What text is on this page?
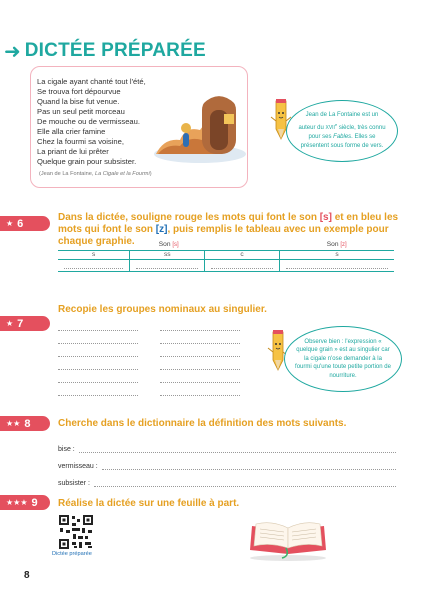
➜ DICTÉE PRÉPARÉE
La cigale ayant chanté tout l'été,
Se trouva fort dépourvue
Quand la bise fut venue.
Pas un seul petit morceau
De mouche ou de vermisseau.
Elle alla crier famine
Chez la fourmi sa voisine,
La priant de lui prêter
Quelque grain pour subsister.
(Jean de La Fontaine, La Cigale et la Fourmi)
Jean de La Fontaine est un auteur du XVIIe siècle, très connu pour ses Fables. Elles se présentent sous forme de vers.
★ 6	Dans la dictée, souligne rouge les mots qui font le son [s] et en bleu les mots qui font le son [z], puis remplis le tableau avec un exemple pour chaque graphie.	Son [s]			Son [z]
s	ss	c	s

★ 7
Recopie les groupes nominaux au singulier.
Observe bien : l'expression « quelque grain » est au singulier car la cigale n'ose demander à la fourmi qu'une toute petite portion de nourriture.
★★ 8	Cherche dans le dictionnaire la définition des mots suivants.
bise :
vermisseau :
subsister :
★★★ 9 Réalise la dictée sur une feuille à part.
Dictée préparée
8
